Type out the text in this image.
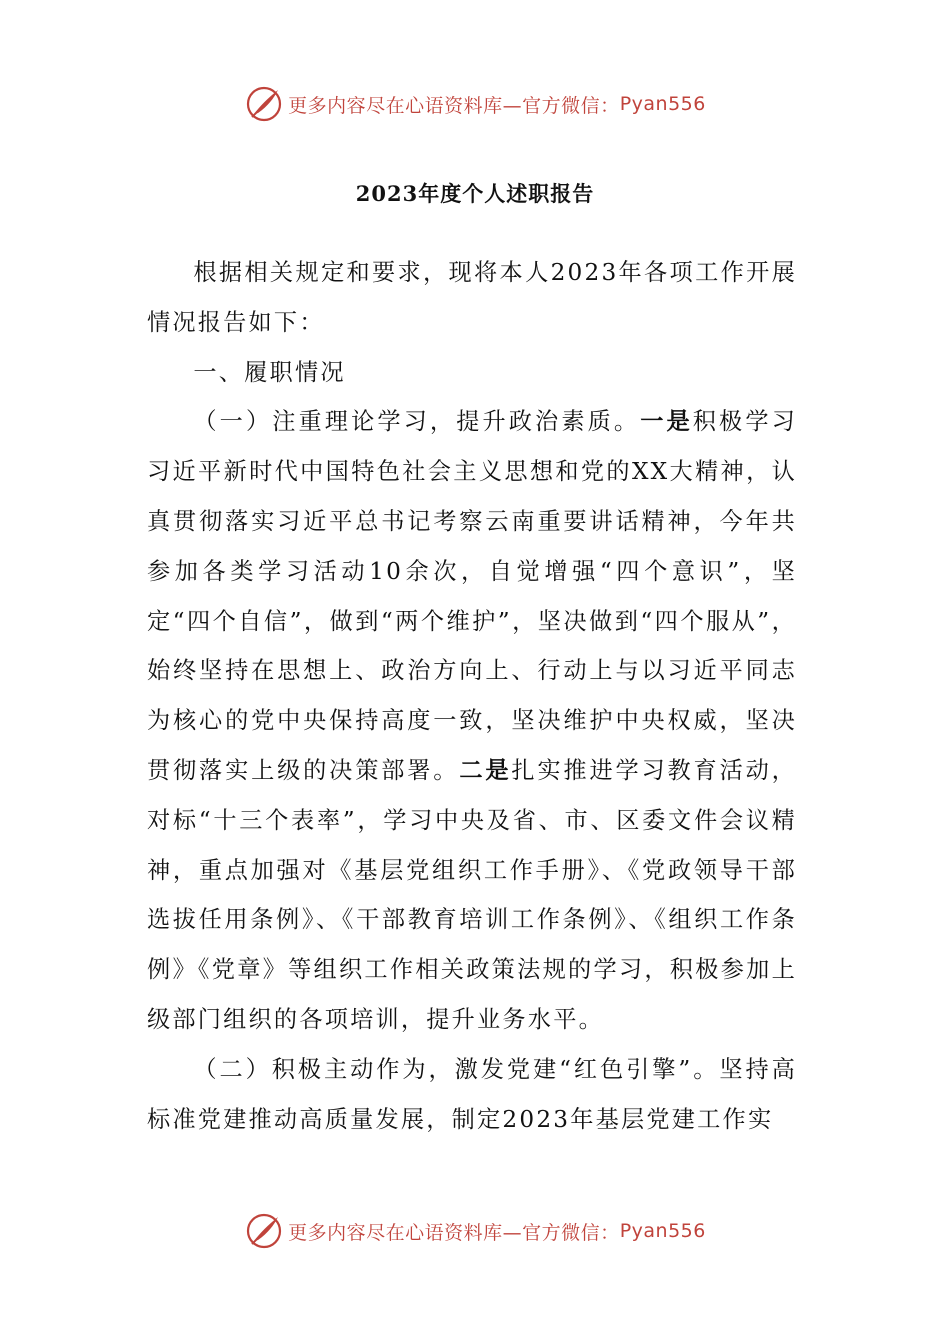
更多内容尽在心语资料库 —官方微信： Pyan556
2023年度个人述职报告

根据相关规定和要求，现将本人2023年各项工作开展情况报告如下：

一、履职情况

（一）注重理论学习，提升政治素质。一是积极学习习近平新时代中国特色社会主义思想和党的XX大精神，认真贯彻落实习近平总书记考察云南重要讲话精神，今年共参加各类学习活动10余次，自觉增强“四个意识”，坚定“四个自信”，做到“两个维护”，坚决做到“四个服从”，始终坚持在思想上、政治方向上、行动上与以习近平同志为核心的党中央保持高度一致，坚决维护中央权威，坚决贯彻落实上级的决策部署。二是扎实推进学习教育活动，对标“十三个表率”，学习中央及省、市、区委文件会议精神，重点加强对《基层党组织工作手册》、《党政领导干部选拔任用条例》、《干部教育培训工作条例》、《组织工作条例》《党章》等组织工作相关政策法规的学习，积极参加上级部门组织的各项培训，提升业务水平。

（二）积极主动作为，激发党建“红色引擎”。坚持高标准党建推动高质量发展，制定2023年基层党建工作实

更多内容尽在心语资料库 —官方微信： Pyan556
